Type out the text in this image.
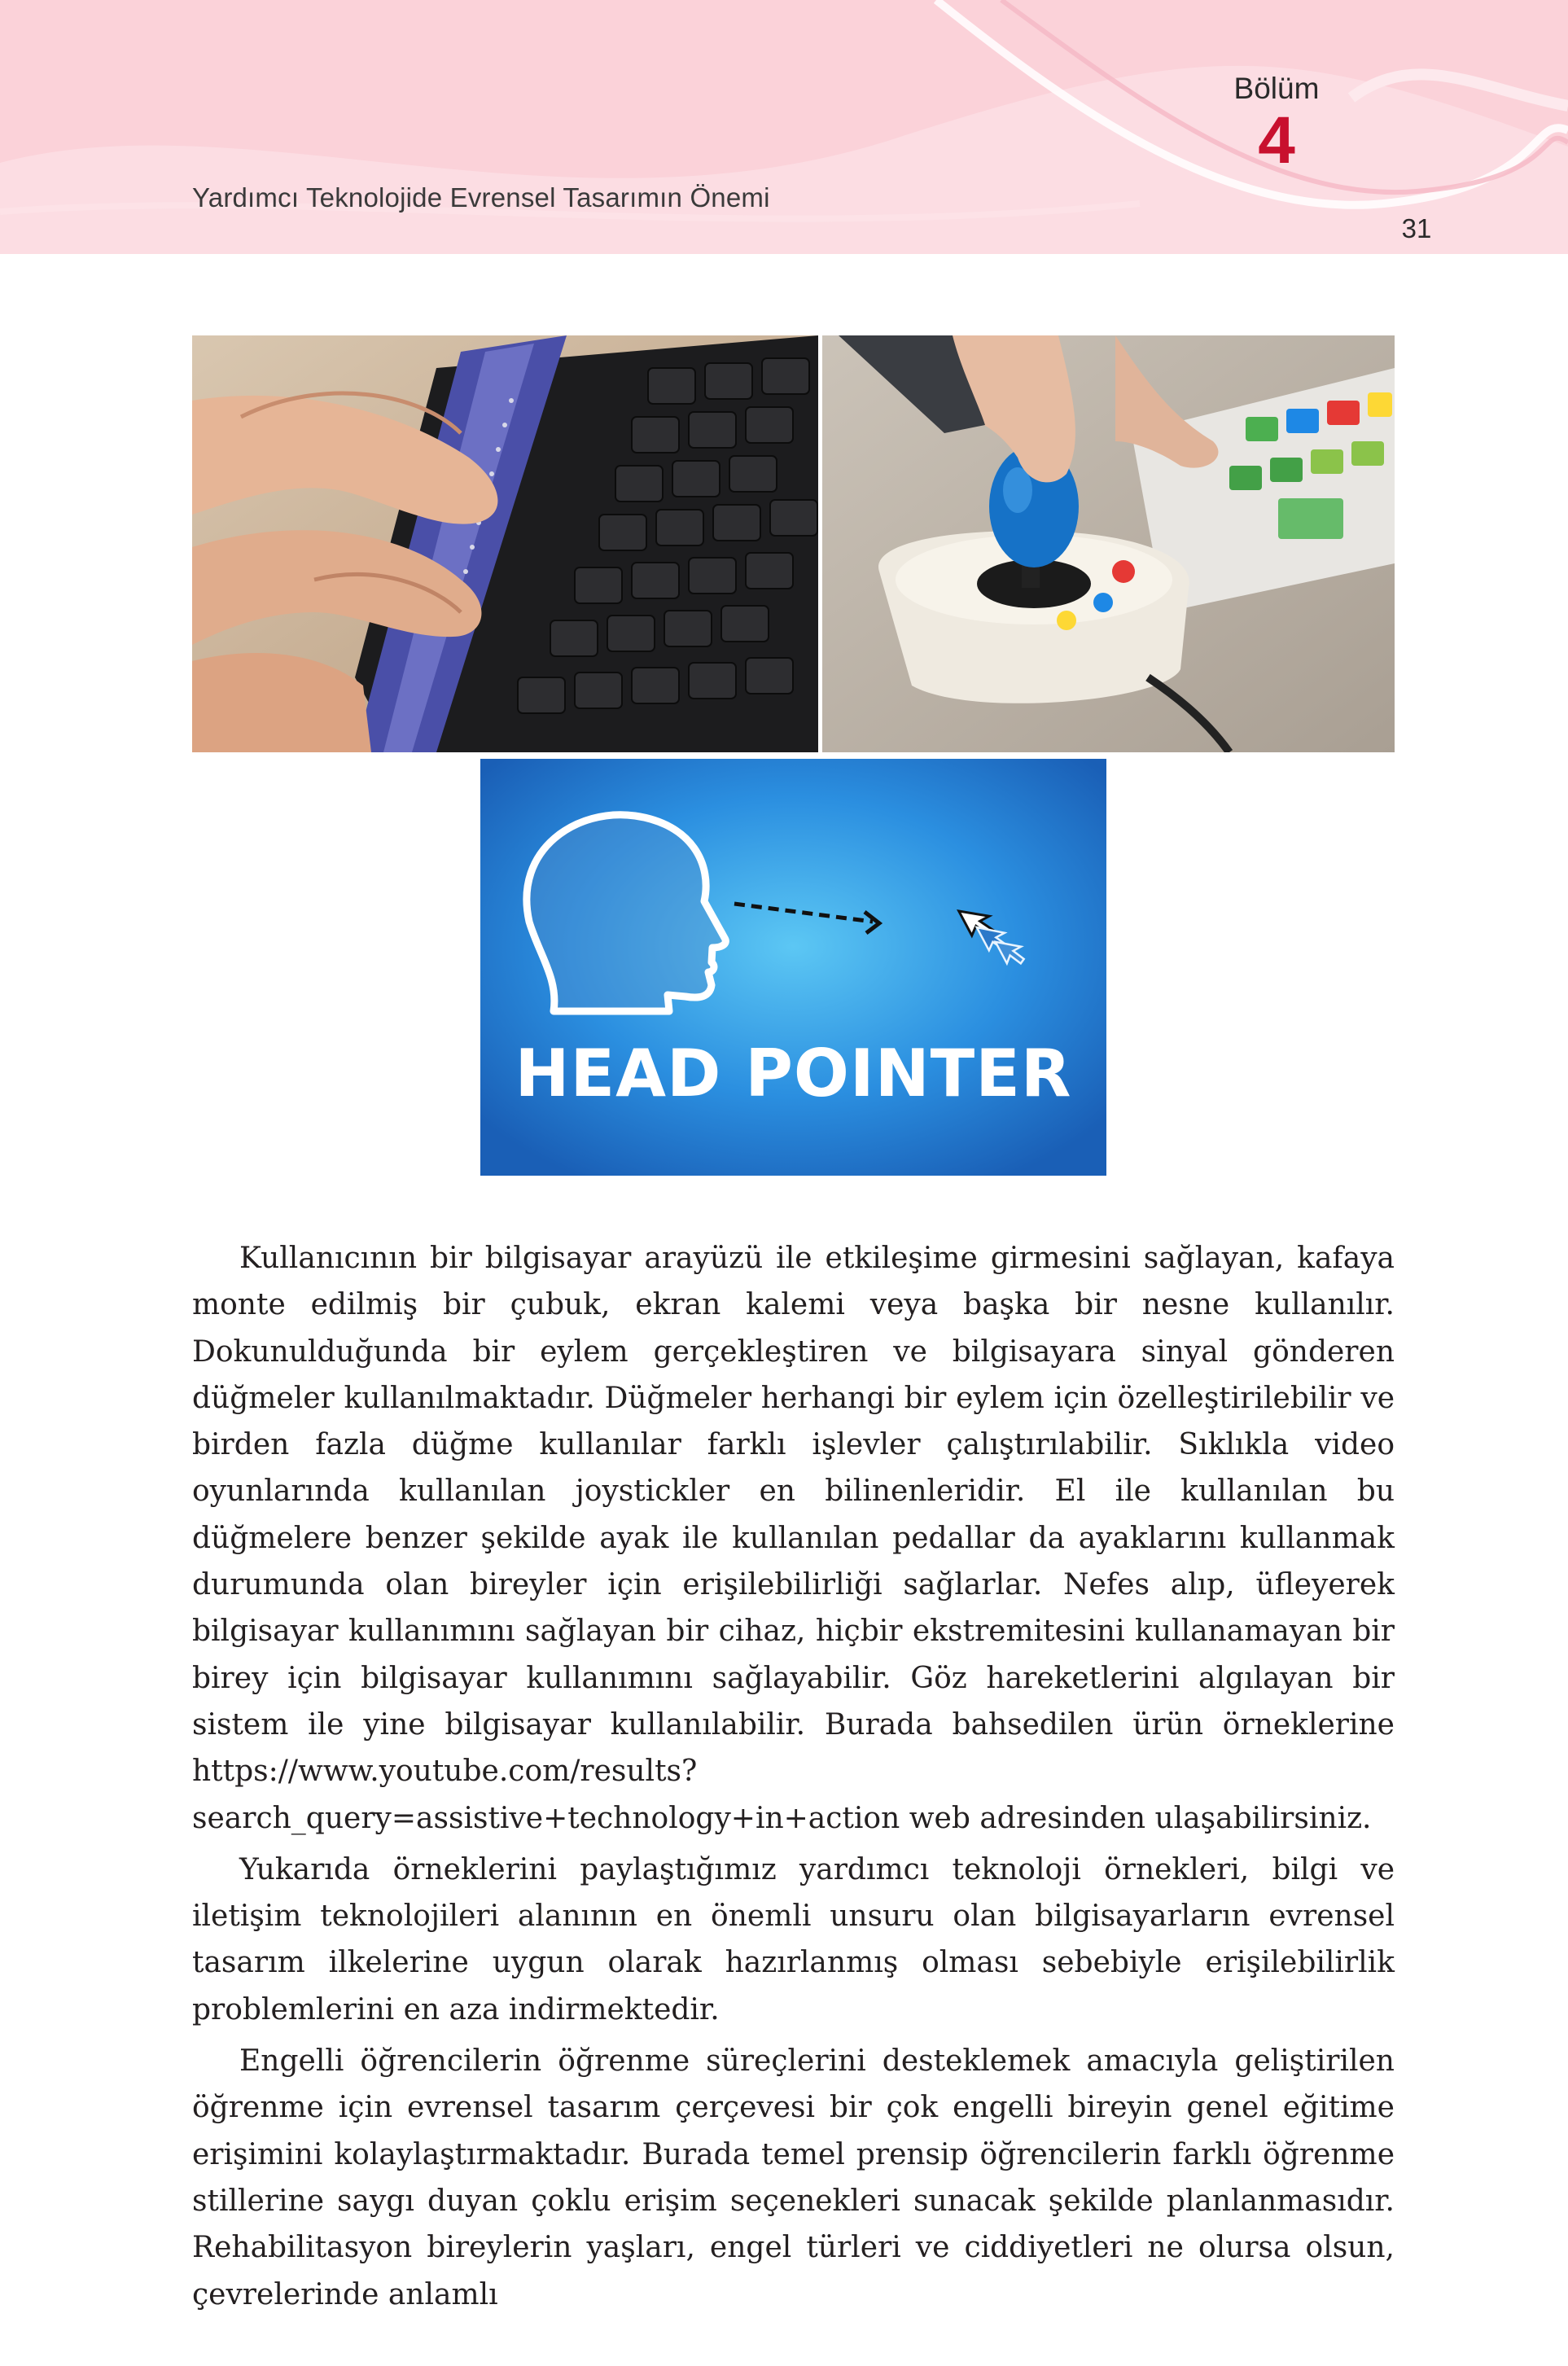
Yardımcı Teknolojide Evrensel Tasarımın Önemi
Bölüm
4
31
HEAD POINTER

Kullanıcının bir bilgisayar arayüzü ile etkileşime girmesini sağlayan, kafaya monte edilmiş bir çubuk, ekran kalemi veya başka bir nesne kullanılır. Dokunulduğunda bir eylem gerçekleştiren ve bilgisayara sinyal gönderen düğmeler kullanılmaktadır. Düğmeler herhangi bir eylem için özelleştirilebilir ve birden fazla düğme kullanılar farklı işlevler çalıştırılabilir. Sıklıkla video oyunlarında kullanılan joystickler en bilinenleridir. El ile kullanılan bu düğmelere benzer şekilde ayak ile kullanılan pedallar da ayaklarını kullanmak durumunda olan bireyler için erişilebilirliği sağlarlar. Nefes alıp, üfleyerek bilgisayar kullanımını sağlayan bir cihaz, hiçbir ekstremitesini kullanamayan bir birey için bilgisayar kullanımını sağlayabilir. Göz hareketlerini algılayan bir sistem ile yine bilgisayar kullanılabilir. Burada bahsedilen ürün örneklerine https://www.youtube.com/results?search_query=assistive+technology+in+action web adresinden ulaşabilirsiniz.

Yukarıda örneklerini paylaştığımız yardımcı teknoloji örnekleri, bilgi ve iletişim teknolojileri alanının en önemli unsuru olan bilgisayarların evrensel tasarım ilkelerine uygun olarak hazırlanmış olması sebebiyle erişilebilirlik problemlerini en aza indirmektedir.

Engelli öğrencilerin öğrenme süreçlerini desteklemek amacıyla geliştirilen öğrenme için evrensel tasarım çerçevesi bir çok engelli bireyin genel eğitime erişimini kolaylaştırmaktadır. Burada temel prensip öğrencilerin farklı öğrenme stillerine saygı duyan çoklu erişim seçenekleri sunacak şekilde planlanmasıdır. Rehabilitasyon bireylerin yaşları, engel türleri ve ciddiyetleri ne olursa olsun, çevrelerinde anlamlı
